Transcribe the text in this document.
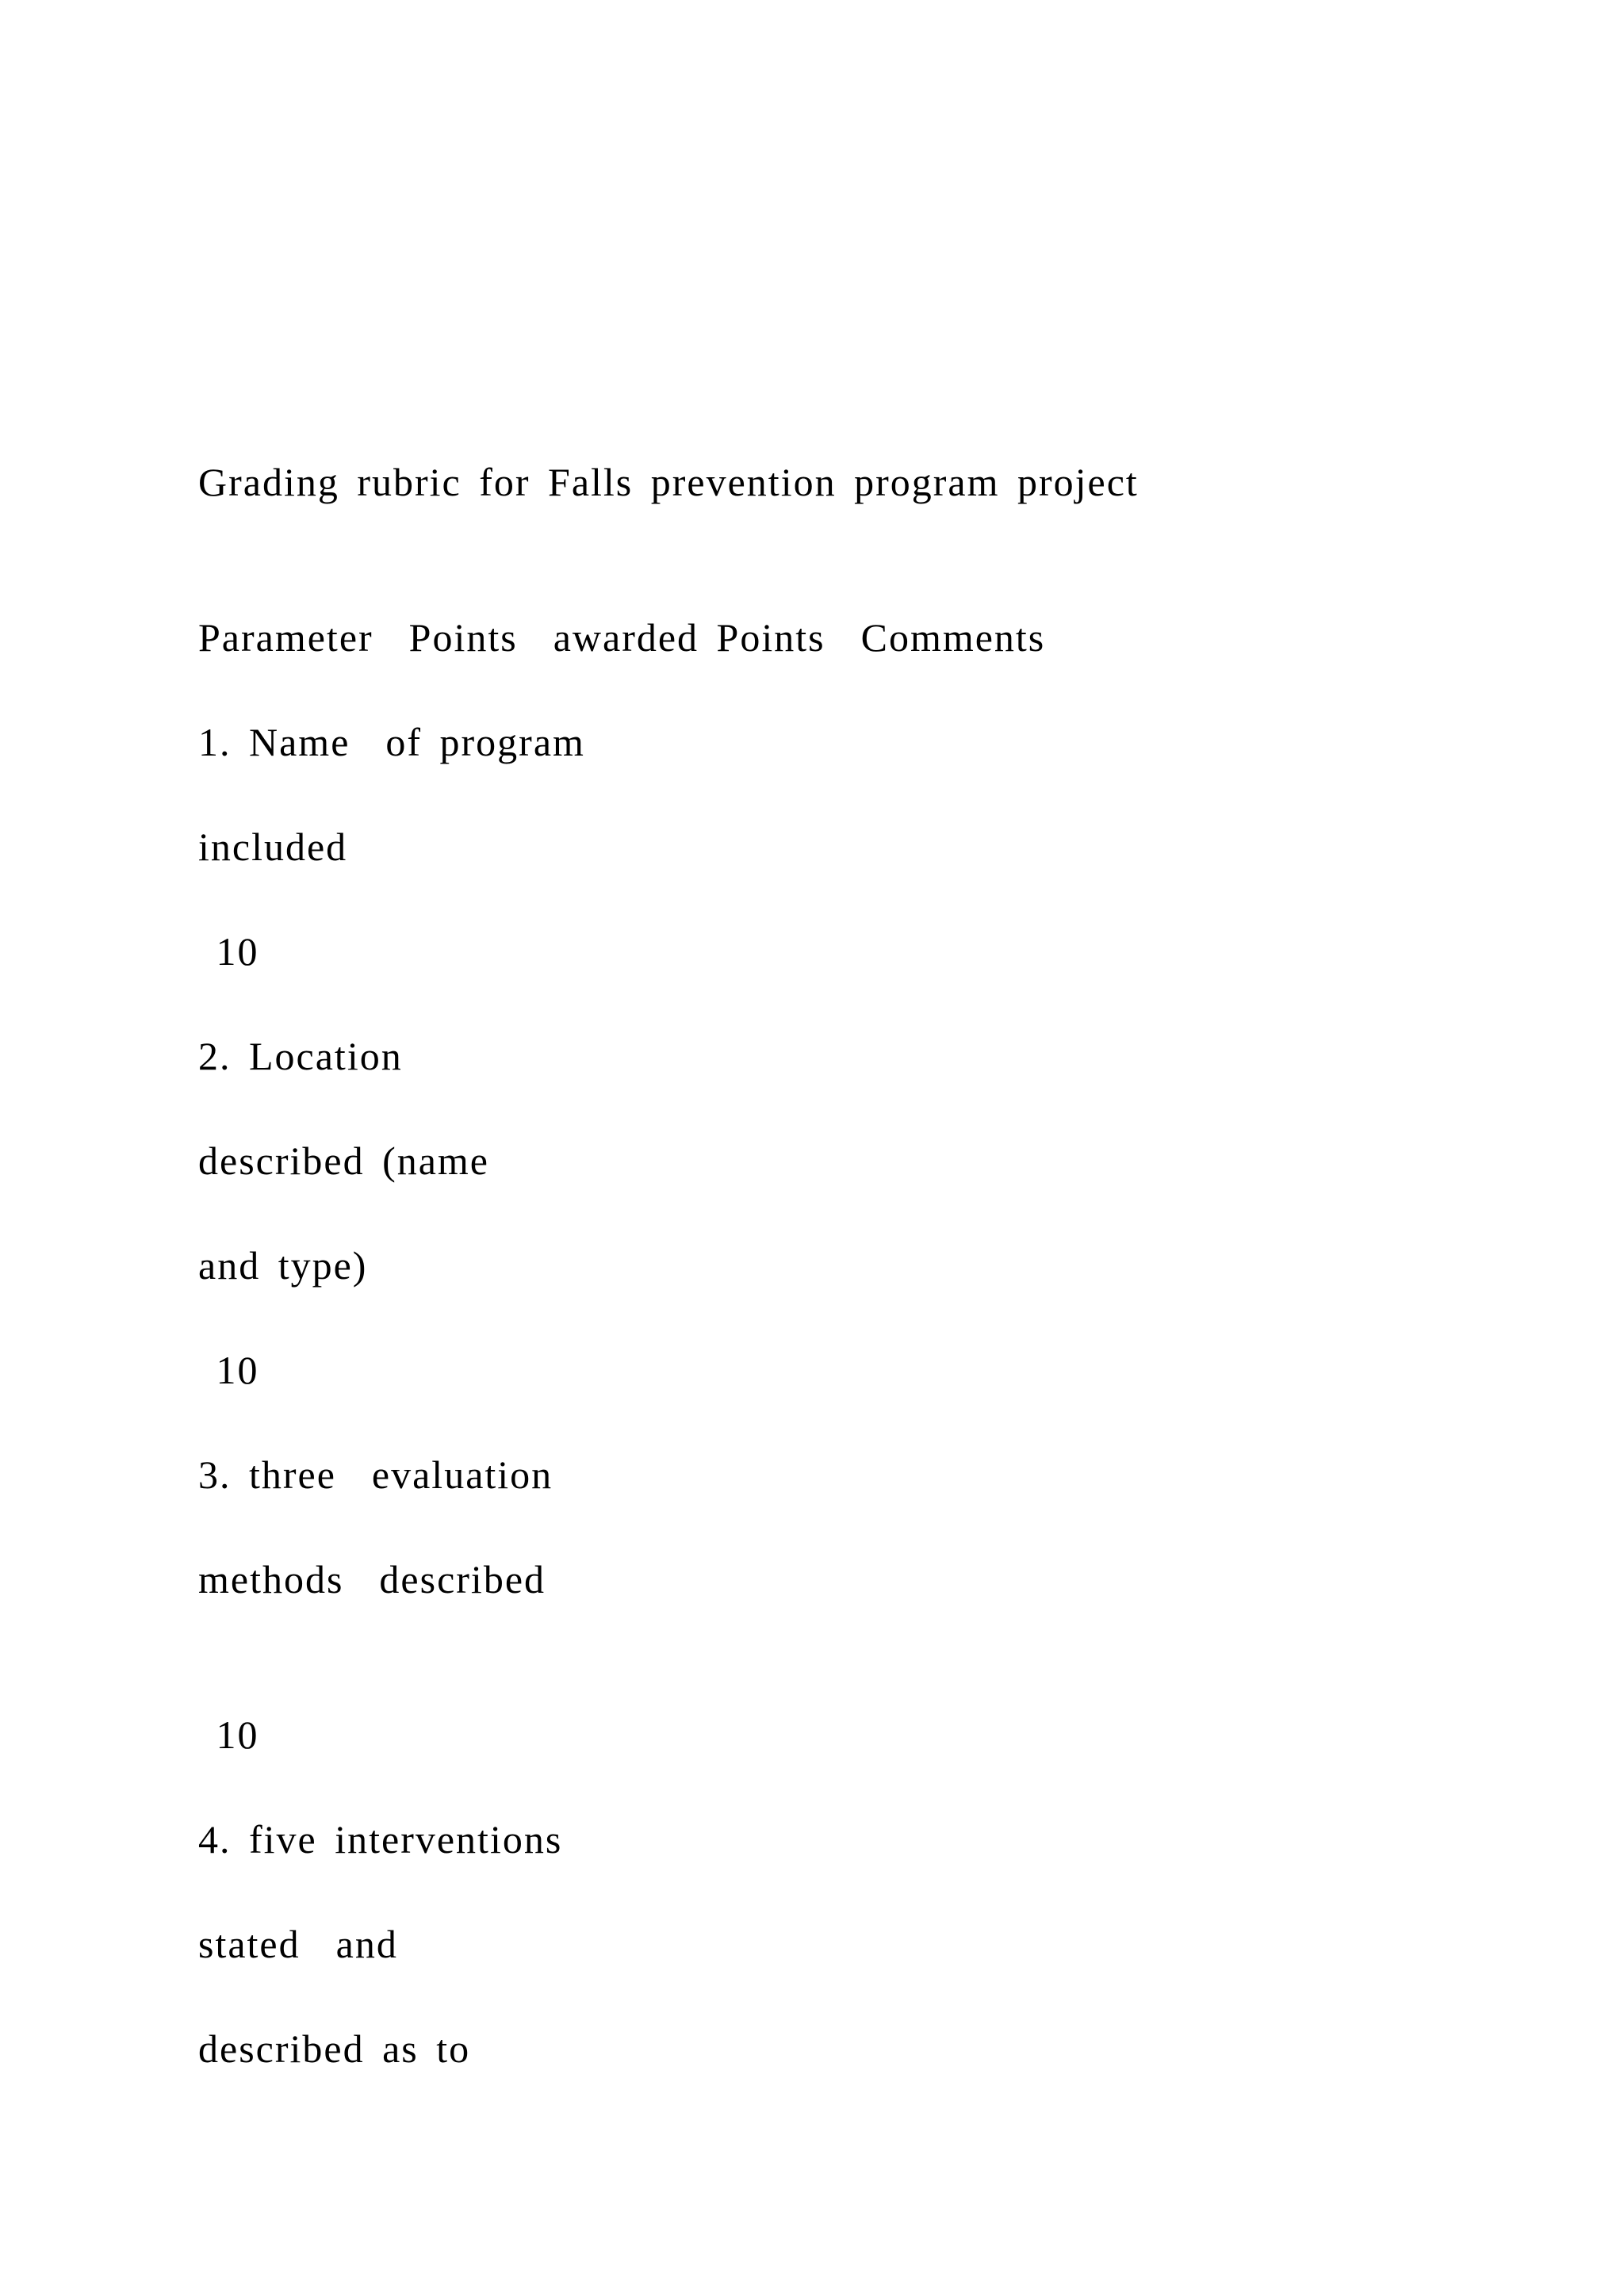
Grading rubric for Falls prevention program project

Parameter  Points  awarded Points  Comments

1. Name  of program

included

10

2. Location

described (name

and type)

10

3. three  evaluation

methods  described

10

4. five interventions

stated  and

described as to
